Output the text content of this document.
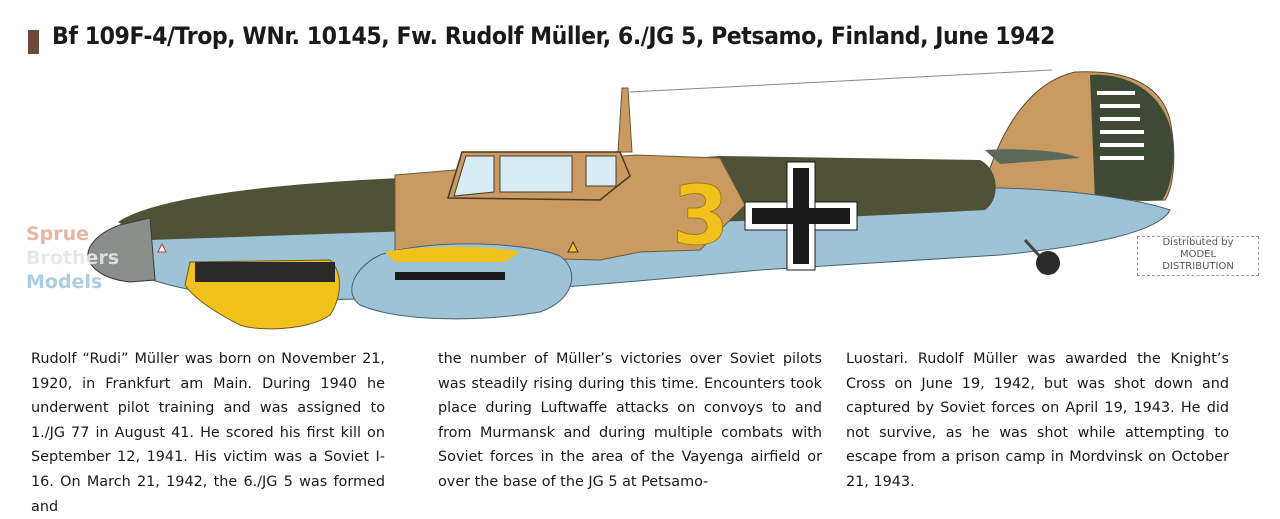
Bf 109F-4/Trop, WNr. 10145, Fw. Rudolf Müller, 6./JG 5, Petsamo, Finland, June 1942
3
Sprue
Brothers
Models
Distributed by
MODEL
DISTRIBUTION
Rudolf “Rudi” Müller was born on November 21, 1920, in Frankfurt am Main. During 1940 he underwent pilot training and was assigned to 1./JG 77 in August 41. He scored his first kill on September 12, 1941. His victim was a Soviet I-16. On March 21, 1942, the 6./JG 5 was formed and
the number of Müller’s victories over Soviet pilots was steadily rising during this time. Encounters took place during Luftwaffe attacks on convoys to and from Murmansk and during multiple combats with Soviet forces in the area of the Vayenga airfield or over the base of the JG 5 at Petsamo-
Luostari. Rudolf Müller was awarded the Knight’s Cross on June 19, 1942, but was shot down and captured by Soviet forces on April 19, 1943. He did not survive, as he was shot while attempting to escape from a prison camp in Mordvinsk on October 21, 1943.
